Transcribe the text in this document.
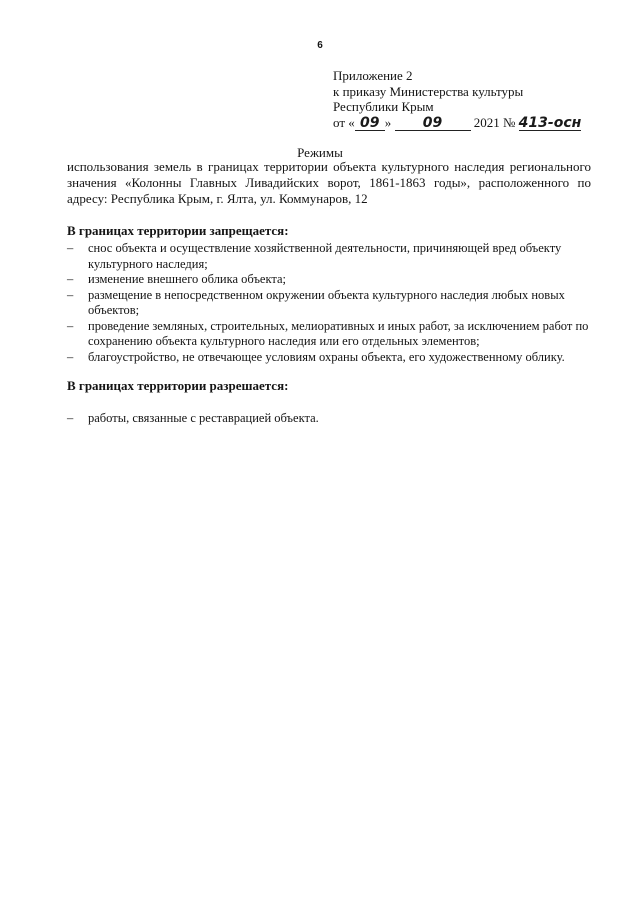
6
Приложение 2
к приказу Министерства культуры
Республики Крым
от « 09 » 09 2021 № 413-осн
Режимы
использования земель в границах территории объекта культурного наследия регионального значения «Колонны Главных Ливадийских ворот, 1861-1863 годы», расположенного по адресу: Республика Крым, г. Ялта, ул. Коммунаров, 12
В границах территории запрещается:
– снос объекта и осуществление хозяйственной деятельности, причиняющей вред объекту культурного наследия;
– изменение внешнего облика объекта;
– размещение в непосредственном окружении объекта культурного наследия любых новых объектов;
– проведение земляных, строительных, мелиоративных и иных работ, за исключением работ по сохранению объекта культурного наследия или его отдельных элементов;
– благоустройство, не отвечающее условиям охраны объекта, его художественному облику.
В границах территории разрешается:
– работы, связанные с реставрацией объекта.
